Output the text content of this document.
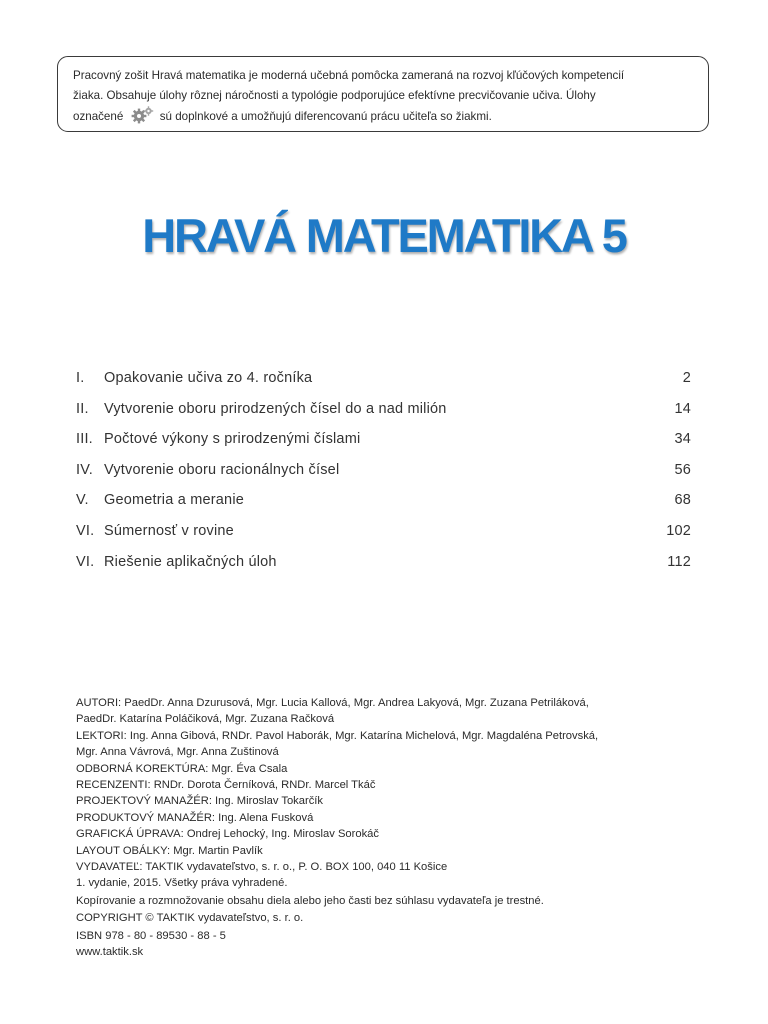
Pracovný zošit Hravá matematika je moderná učebná pomôcka zameraná na rozvoj kľúčových kompetencií

žiaka. Obsahuje úlohy rôznej náročnosti a typológie podporujúce efektívne precvičovanie učiva. Úlohy

označené	sú doplnkové a umožňujú diferencovanú prácu učiteľa so žiakmi.

HRAVÁ MATEMATIKA 5
I. Opakovanie učiva zo 4. ročníka	2
II. Vytvorenie oboru prirodzených čísel do a nad milión	14
III. Počtové výkony s prirodzenými číslami	34
IV. Vytvorenie oboru racionálnych čísel	56
V. Geometria a meranie	68
VI. Súmernosť v rovine	102
VI. Riešenie aplikačných úloh	112
AUTORI: PaedDr. Anna Dzurusová, Mgr. Lucia Kallová, Mgr. Andrea Lakyová, Mgr. Zuzana Petriláková,
PaedDr. Katarína Poláčiková, Mgr. Zuzana Račková
LEKTORI: Ing. Anna Gibová, RNDr. Pavol Haborák, Mgr. Katarína Michelová, Mgr. Magdaléna Petrovská,
Mgr. Anna Vávrová, Mgr. Anna Zuštinová
ODBORNÁ KOREKTÚRA: Mgr. Éva Csala
RECENZENTI: RNDr. Dorota Černíková, RNDr. Marcel Tkáč
PROJEKTOVÝ MANAŽÉR: Ing. Miroslav Tokarčík
PRODUKTOVÝ MANAŽÉR: Ing. Alena Fusková
GRAFICKÁ ÚPRAVA: Ondrej Lehocký, Ing. Miroslav Sorokáč
LAYOUT OBÁLKY: Mgr. Martin Pavlík
VYDAVATEĽ: TAKTIK vydavateľstvo, s. r. o., P. O. BOX 100, 040 11 Košice
1. vydanie, 2015. Všetky práva vyhradené.
Kopírovanie a rozmnožovanie obsahu diela alebo jeho časti bez súhlasu vydavateľa je trestné.
COPYRIGHT © TAKTIK vydavateľstvo, s. r. o.
ISBN 978 - 80 - 89530 - 88 - 5
www.taktik.sk
